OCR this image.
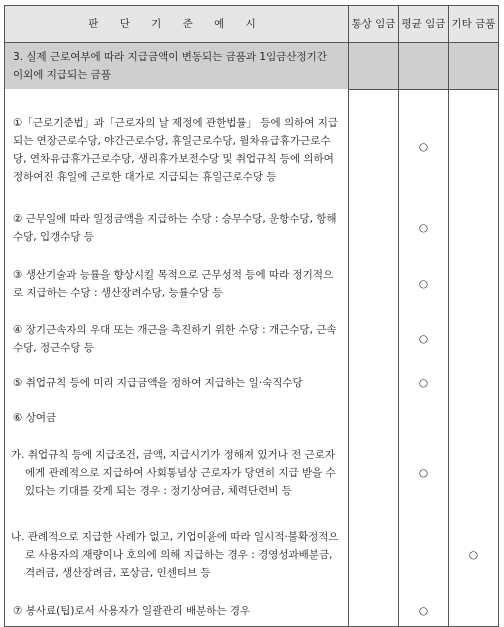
판 단 기 준 예 시	통상 임금	평균 임금	기타 금품
3. 실제 근로여부에 따라 지급금액이 변동되는 금품과 1임금산정기간 이외에 지급되는 금품			
①「근로기준법」과「근로자의 날 제정에 관한법률」 등에 의하여 지급되는 연장근로수당, 야간근로수당, 휴일근로수당, 월차유급휴가근로수당, 연차유급휴가근로수당, 생리휴가보전수당 및 취업규칙 등에 의하여 정하여진 휴일에 근로한 대가로 지급되는 휴일근로수당 등		○	
② 근무일에 따라 일정금액을 지급하는 수당 : 승무수당, 운항수당, 항해수당, 입갱수당 등		○	
③ 생산기술과 능률을 향상시킬 목적으로 근무성적 등에 따라 정기적으로 지급하는 수당 : 생산장려수당, 능률수당 등		○	
④ 장기근속자의 우대 또는 개근을 촉진하기 위한 수당 : 개근수당, 근속수당, 정근수당 등		○	
⑤ 취업규칙 등에 미리 지급금액을 정하여 지급하는 일·숙직수당		○	
⑥ 상여금			
가. 취업규칙 등에 지급조건, 금액, 지급시기가 정해져 있거나 전 근로자에게 관례적으로 지급하여 사회통념상 근로자가 당연히 지급 받을 수 있다는 기대를 갖게 되는 경우 : 정기상여금, 체력단련비 등		○	
나. 관례적으로 지급한 사례가 없고, 기업이윤에 따라 일시적·불확정적으로 사용자의 재량이나 호의에 의해 지급하는 경우 : 경영성과배분금, 격려금, 생산장려금, 포상금, 인센티브 등			○
⑦ 봉사료(팁)로서 사용자가 일괄관리 배분하는 경우		○	
